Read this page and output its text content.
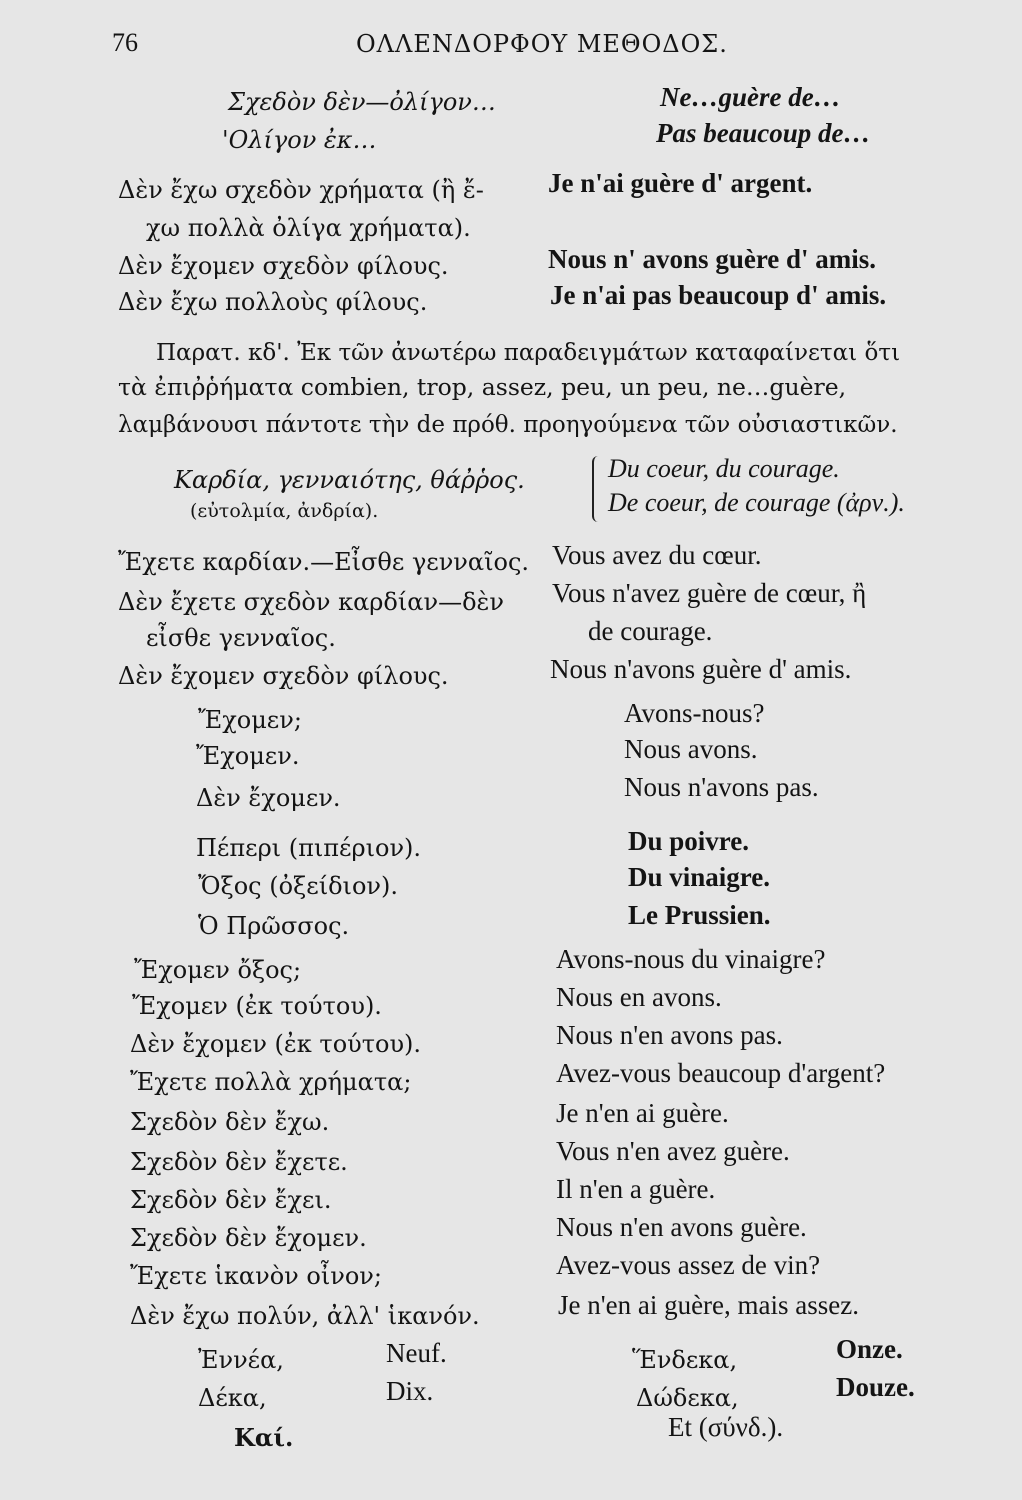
76	ΟΛΛΕΝΔΟΡΦΟΥ ΜΕΘΟΔΟΣ.
Σχεδὸν δὲν—ὀλίγον…	Ne…guère de…
'Ολίγον ἐκ…	Pas beaucoup de…
Δὲν ἔχω σχεδὸν χρήματα (ἢ ἔ-
χω πολλὰ ὀλίγα χρήματα).
Je n'ai guère d' argent.
Δὲν ἔχομεν σχεδὸν φίλους.	Nous n' avons guère d' amis.
Δὲν ἔχω πολλοὺς φίλους.	Je n'ai pas beaucoup d' amis.
Παρατ. κδ'. Ἐκ τῶν ἀνωτέρω παραδειγμάτων καταφαίνεται ὅτι
τὰ ἐπιῤῥήματα combien, trop, assez, peu, un peu, ne…guère,
λαμβάνουσι πάντοτε τὴν de πρόθ. προηγούμενα τῶν οὐσιαστικῶν.
Καρδία, γενναιότης, θάῤῥος.
(εὐτολμία, ἀνδρία).
Du coeur, du courage.
De coeur, de courage (ἀρν.).
Ἔχετε καρδίαν.—Εἶσθε γενναῖος. Vous avez du cœur.
Δὲν ἔχετε σχεδὸν καρδίαν—δὲν Vous n'avez guère de cœur, ἢ
εἶσθε γενναῖος.	de courage.
Δὲν ἔχομεν σχεδὸν φίλους.	Nous n'avons guère d' amis.
Ἔχομεν;	Avons-nous?
Ἔχομεν.	Nous avons.
Δὲν ἔχομεν.	Nous n'avons pas.
Πέπερι (πιπέριον).	Du poivre.
Ὄξος (ὀξείδιον).	Du vinaigre.
Ὁ Πρῶσσος.	Le Prussien.
Ἔχομεν ὄξος;	Avons-nous du vinaigre?
Ἔχομεν (ἐκ τούτου).	Nous en avons.
Δὲν ἔχομεν (ἐκ τούτου).	Nous n'en avons pas.
Ἔχετε πολλὰ χρήματα;	Avez-vous beaucoup d'argent?
Σχεδὸν δὲν ἔχω.	Je n'en ai guère.
Σχεδὸν δὲν ἔχετε.	Vous n'en avez guère.
Σχεδὸν δὲν ἔχει.	Il n'en a guère.
Σχεδὸν δὲν ἔχομεν.	Nous n'en avons guère.
Ἔχετε ἱκανὸν οἶνον;	Avez-vous assez de vin?
Δὲν ἔχω πολύν, ἀλλ' ἱκανόν.	Je n'en ai guère, mais assez.
Ἐννέα,	Neuf.
Δέκα,	Dix.
Καί.
Ἕνδεκα,	Onze.
Δώδεκα,	Douze.
Et (σύνδ.).
